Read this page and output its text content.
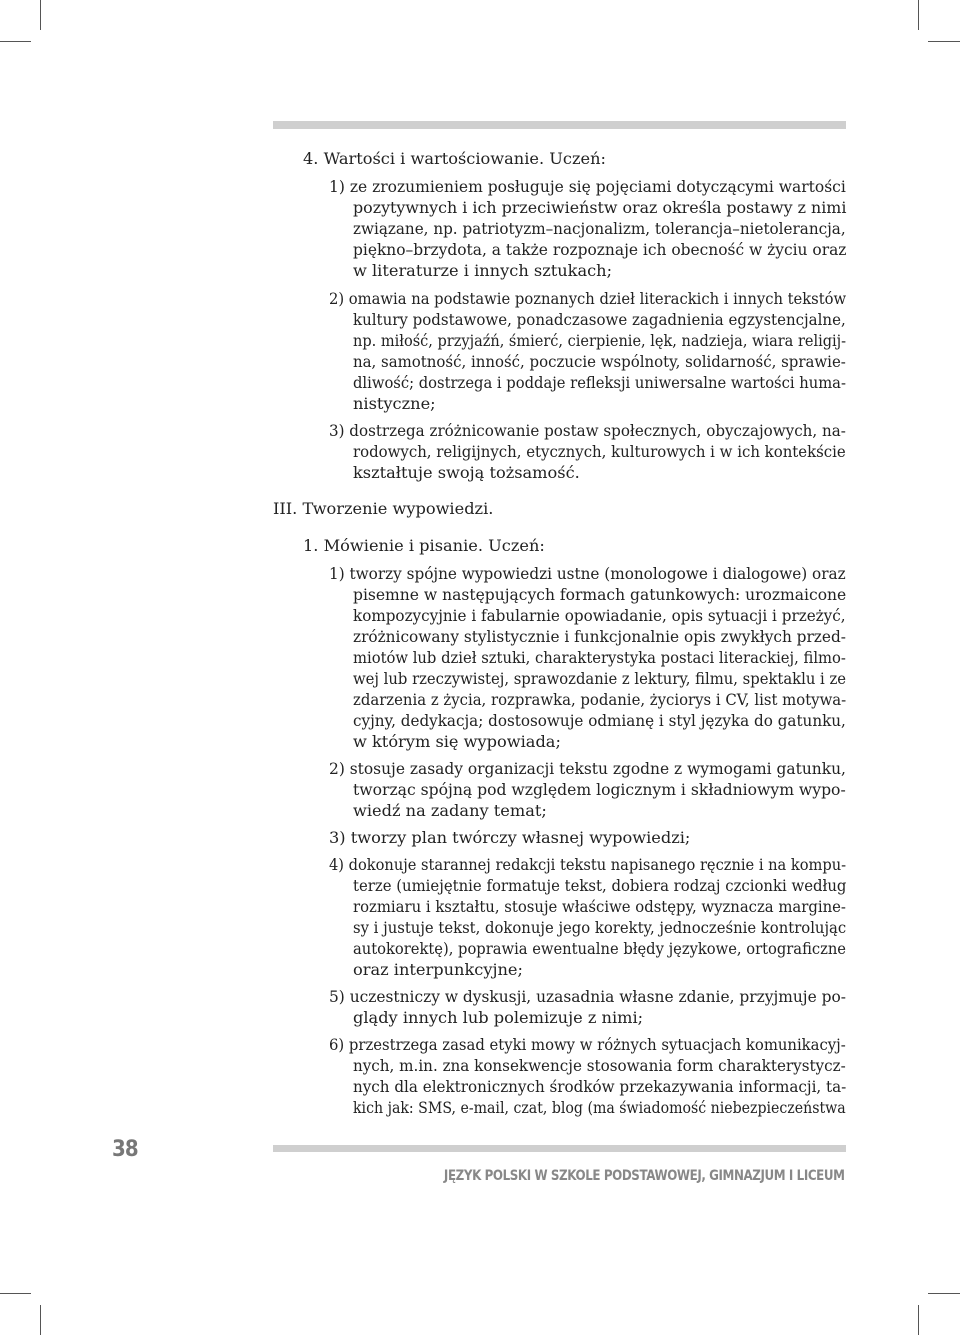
4. Wartości i wartościowanie. Uczeń:
1) ze zrozumieniem posługuje się pojęciami dotyczącymi wartości
pozytywnych i ich przeciwieństw oraz określa postawy z nimi
związane, np. patriotyzm–nacjonalizm, tolerancja–nietolerancja,
piękno–brzydota, a także rozpoznaje ich obecność w życiu oraz
w literaturze i innych sztukach;
2) omawia na podstawie poznanych dzieł literackich i innych tekstów
kultury podstawowe, ponadczasowe zagadnienia egzystencjalne,
np. miłość, przyjaźń, śmierć, cierpienie, lęk, nadzieja, wiara religij-
na, samotność, inność, poczucie wspólnoty, solidarność, sprawie-
dliwość; dostrzega i poddaje refleksji uniwersalne wartości huma-
nistyczne;
3) dostrzega zróżnicowanie postaw społecznych, obyczajowych, na-
rodowych, religijnych, etycznych, kulturowych i w ich kontekście
kształtuje swoją tożsamość.
III. Tworzenie wypowiedzi.
1. Mówienie i pisanie. Uczeń:
1) tworzy spójne wypowiedzi ustne (monologowe i dialogowe) oraz
pisemne w następujących formach gatunkowych: urozmaicone
kompozycyjnie i fabularnie opowiadanie, opis sytuacji i przeżyć,
zróżnicowany stylistycznie i funkcjonalnie opis zwykłych przed-
miotów lub dzieł sztuki, charakterystyka postaci literackiej, filmo-
wej lub rzeczywistej, sprawozdanie z lektury, filmu, spektaklu i ze
zdarzenia z życia, rozprawka, podanie, życiorys i CV, list motywa-
cyjny, dedykacja; dostosowuje odmianę i styl języka do gatunku,
w którym się wypowiada;
2) stosuje zasady organizacji tekstu zgodne z wymogami gatunku,
tworząc spójną pod względem logicznym i składniowym wypo-
wiedź na zadany temat;
3) tworzy plan twórczy własnej wypowiedzi;
4) dokonuje starannej redakcji tekstu napisanego ręcznie i na kompu-
terze (umiejętnie formatuje tekst, dobiera rodzaj czcionki według
rozmiaru i kształtu, stosuje właściwe odstępy, wyznacza margine-
sy i justuje tekst, dokonuje jego korekty, jednocześnie kontrolując
autokorektę), poprawia ewentualne błędy językowe, ortograficzne
oraz interpunkcyjne;
5) uczestniczy w dyskusji, uzasadnia własne zdanie, przyjmuje po-
glądy innych lub polemizuje z nimi;
6) przestrzega zasad etyki mowy w różnych sytuacjach komunikacyj-
nych, m.in. zna konsekwencje stosowania form charakterystycz-
nych dla elektronicznych środków przekazywania informacji, ta-
kich jak: SMS, e-mail, czat, blog (ma świadomość niebezpieczeństwa
38
JĘZYK POLSKI W SZKOLE PODSTAWOWEJ, GIMNAZJUM I LICEUM
